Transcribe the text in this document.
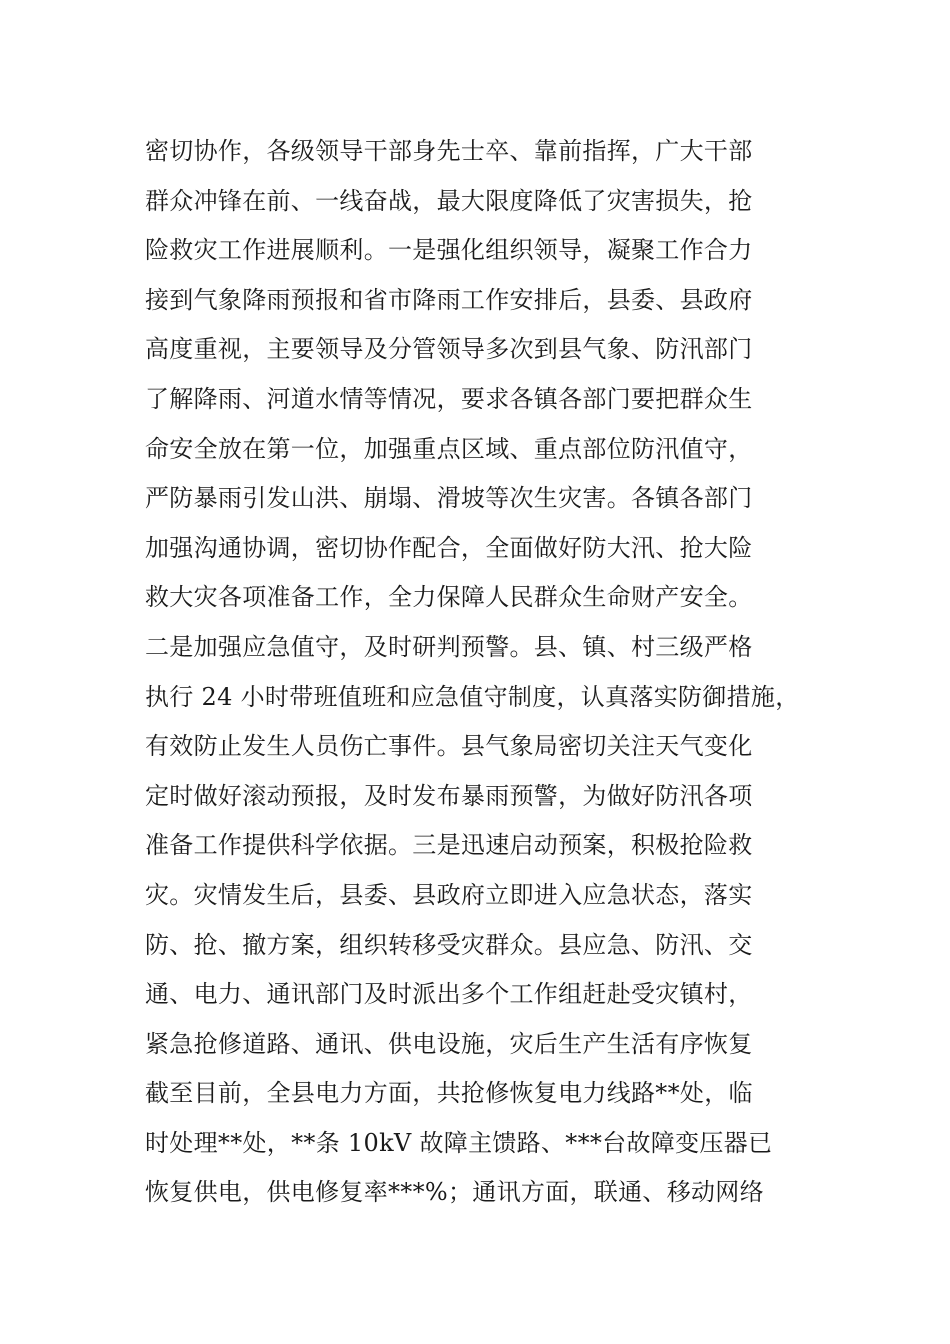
密切协作，各级领导干部身先士卒、靠前指挥，广大干部
群众冲锋在前、一线奋战，最大限度降低了灾害损失，抢
险救灾工作进展顺利。一是强化组织领导，凝聚工作合力
接到气象降雨预报和省市降雨工作安排后，县委、县政府
高度重视，主要领导及分管领导多次到县气象、防汛部门
了解降雨、河道水情等情况，要求各镇各部门要把群众生
命安全放在第一位，加强重点区域、重点部位防汛值守，
严防暴雨引发山洪、崩塌、滑坡等次生灾害。各镇各部门
加强沟通协调，密切协作配合，全面做好防大汛、抢大险
救大灾各项准备工作，全力保障人民群众生命财产安全。
二是加强应急值守，及时研判预警。县、镇、村三级严格
执行 24 小时带班值班和应急值守制度，认真落实防御措施，
有效防止发生人员伤亡事件。县气象局密切关注天气变化
定时做好滚动预报，及时发布暴雨预警，为做好防汛各项
准备工作提供科学依据。三是迅速启动预案，积极抢险救
灾。灾情发生后，县委、县政府立即进入应急状态，落实
防、抢、撤方案，组织转移受灾群众。县应急、防汛、交
通、电力、通讯部门及时派出多个工作组赶赴受灾镇村，
紧急抢修道路、通讯、供电设施，灾后生产生活有序恢复
截至目前，全县电力方面，共抢修恢复电力线路**处，临
时处理**处，**条 10kV 故障主馈路、***台故障变压器已
恢复供电，供电修复率***%；通讯方面，联通、移动网络
